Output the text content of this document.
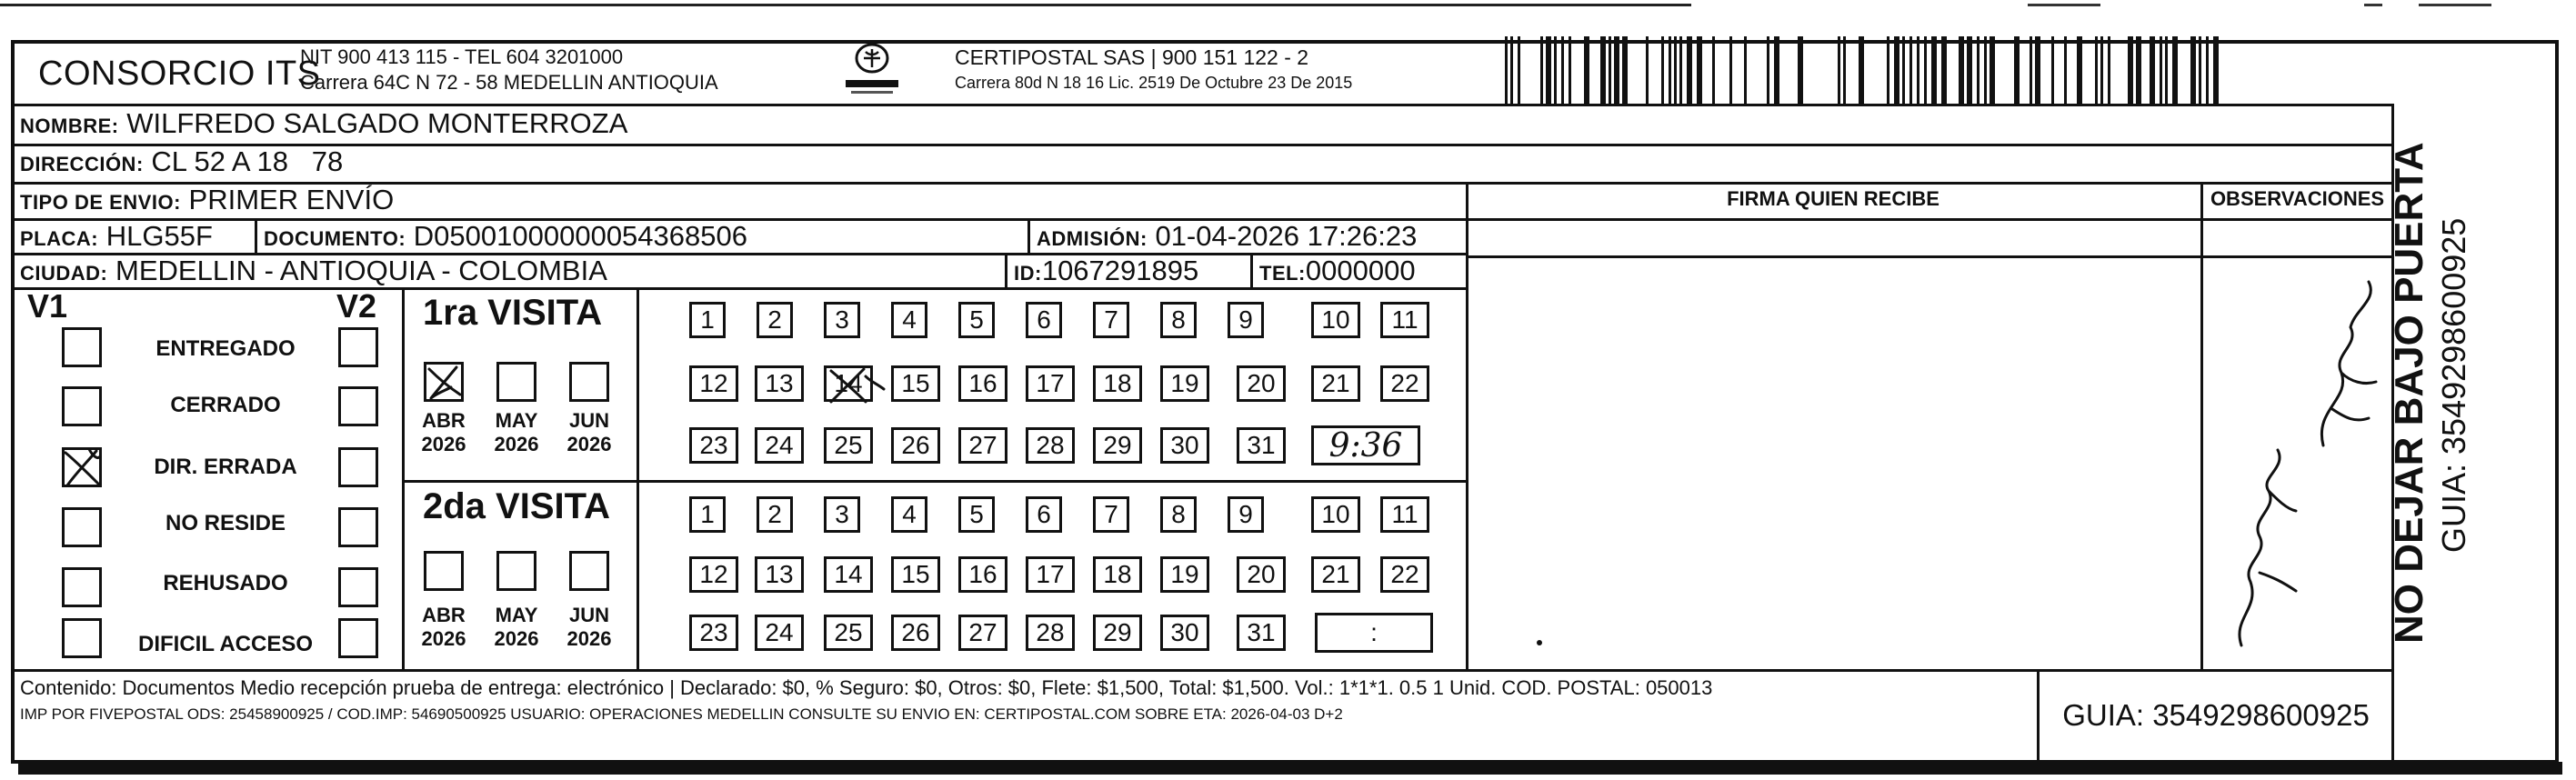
CONSORCIO ITS
NIT 900 413 115 - TEL 604 3201000
Carrera 64C N 72 - 58 MEDELLIN ANTIOQUIA
CERTIPOSTAL SAS | 900 151 122 - 2
Carrera 80d N 18 16 Lic. 2519 De Octubre 23 De 2015
NOMBRE: WILFREDO SALGADO MONTERROZA
DIRECCIÓN: CL 52 A 18   78
TIPO DE ENVIO: PRIMER ENVÍO
PLACA: HLG55F	DOCUMENTO: D05001000000054368506	ADMISIÓN: 01-04-2026 17:26:23
CIUDAD: MEDELLIN - ANTIOQUIA - COLOMBIA	ID:1067291895	TEL:0000000
FIRMA QUIEN RECIBE	OBSERVACIONES
V1	V2
ENTREGADO
CERRADO
DIR. ERRADA
NO RESIDE
REHUSADO
DIFICIL ACCESO
1ra VISITA
ABR
2026
MAY
2026
JUN
2026
2da VISITA
ABR
2026
MAY
2026
JUN
2026
1	2	3	4	5	6	7	8	9	10	11
12	13	14	15	16	17	18	19	20	21	22
23	24	25	26	27	28	29	30	31	9:36
1	2	3	4	5	6	7	8	9	10	11
12	13	14	15	16	17	18	19	20	21	22
23	24	25	26	27	28	29	30	31	:
Contenido: Documentos Medio recepción prueba de entrega: electrónico | Declarado: $0, % Seguro: $0, Otros: $0, Flete: $1,500, Total: $1,500. Vol.: 1*1*1. 0.5 1 Unid. COD. POSTAL: 050013
IMP POR FIVEPOSTAL ODS: 25458900925 / COD.IMP: 54690500925 USUARIO: OPERACIONES MEDELLIN CONSULTE SU ENVIO EN: CERTIPOSTAL.COM SOBRE ETA: 2026-04-03 D+2	GUIA: 3549298600925
NO DEJAR BAJO PUERTA GUIA: 3549298600925
